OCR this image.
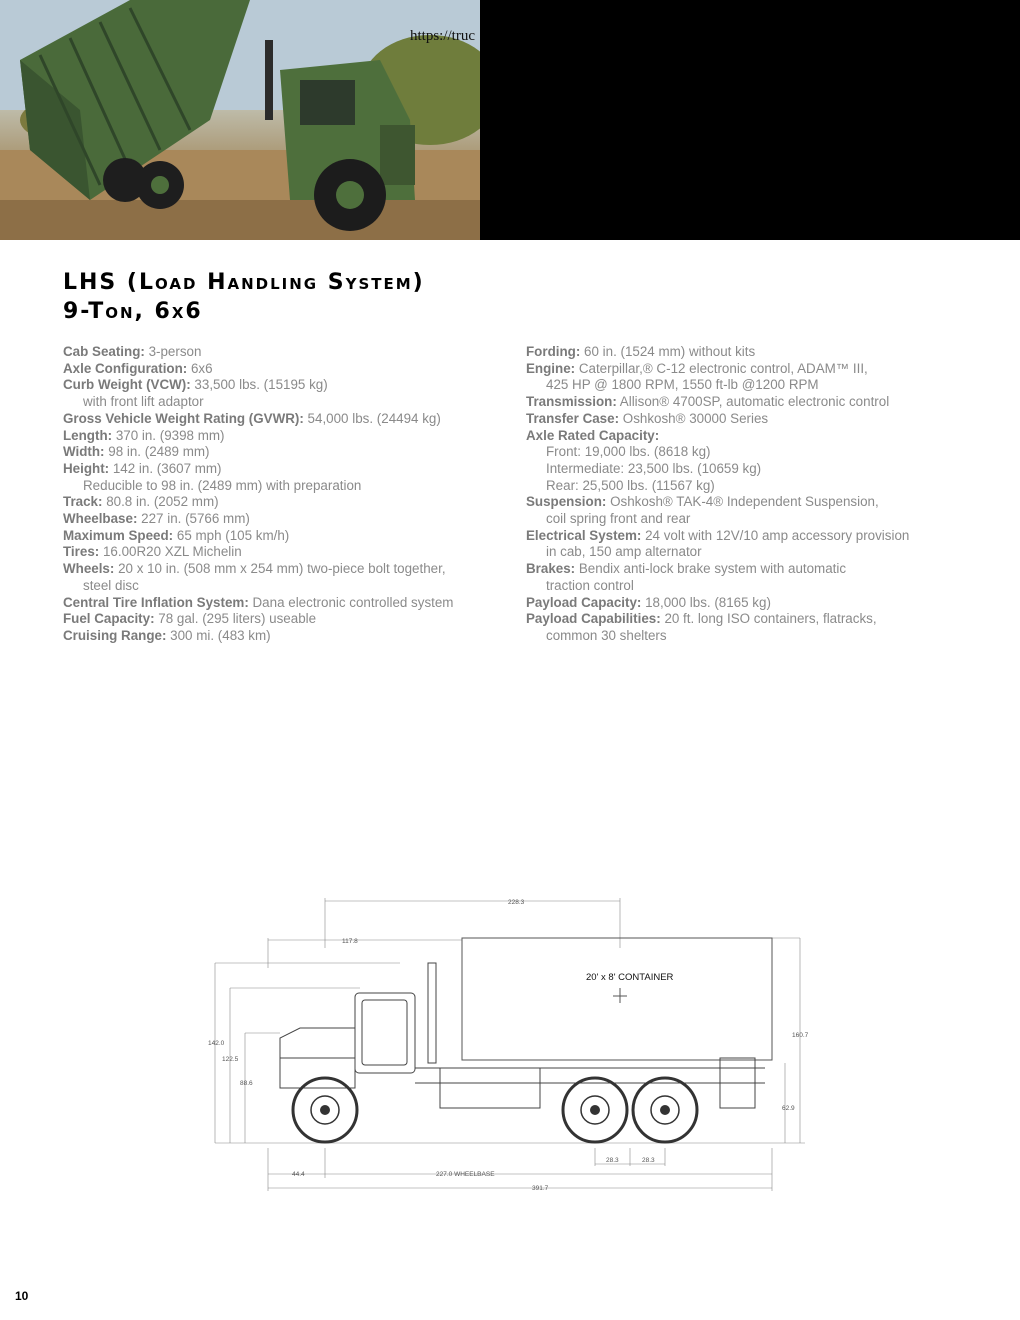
https://truc
LHS (Load Handling System)
9-Ton, 6x6
Cab Seating: 3-person
Axle Configuration: 6x6
Curb Weight (VCW): 33,500 lbs. (15195 kg)
with front lift adaptor
Gross Vehicle Weight Rating (GVWR): 54,000 lbs. (24494 kg)
Length: 370 in. (9398 mm)
Width: 98 in. (2489 mm)
Height: 142 in. (3607 mm)
Reducible to 98 in. (2489 mm) with preparation
Track: 80.8 in. (2052 mm)
Wheelbase: 227 in. (5766 mm)
Maximum Speed: 65 mph (105 km/h)
Tires: 16.00R20 XZL Michelin
Wheels: 20 x 10 in. (508 mm x 254 mm) two-piece bolt together,
steel disc
Central Tire Inflation System: Dana electronic controlled system
Fuel Capacity: 78 gal. (295 liters) useable
Cruising Range: 300 mi. (483 km)
Fording: 60 in. (1524 mm) without kits
Engine: Caterpillar,® C-12 electronic control, ADAM™ III,
425 HP @ 1800 RPM, 1550 ft-lb @1200 RPM
Transmission: Allison® 4700SP, automatic electronic control
Transfer Case: Oshkosh® 30000 Series
Axle Rated Capacity:
Front: 19,000 lbs. (8618 kg)
Intermediate: 23,500 lbs. (10659 kg)
Rear: 25,500 lbs. (11567 kg)
Suspension: Oshkosh® TAK-4® Independent Suspension,
coil spring front and rear
Electrical System: 24 volt with 12V/10 amp accessory provision
in cab, 150 amp alternator
Brakes: Bendix anti-lock brake system with automatic
traction control
Payload Capacity: 18,000 lbs. (8165 kg)
Payload Capabilities: 20 ft. long ISO containers, flatracks,
common 30 shelters
228.3
117.8
142.0
122.5
88.6
160.7
62.9
28.3	28.3
44.4	227.0 WHEELBASE
391.7
20' x 8' CONTAINER
10
